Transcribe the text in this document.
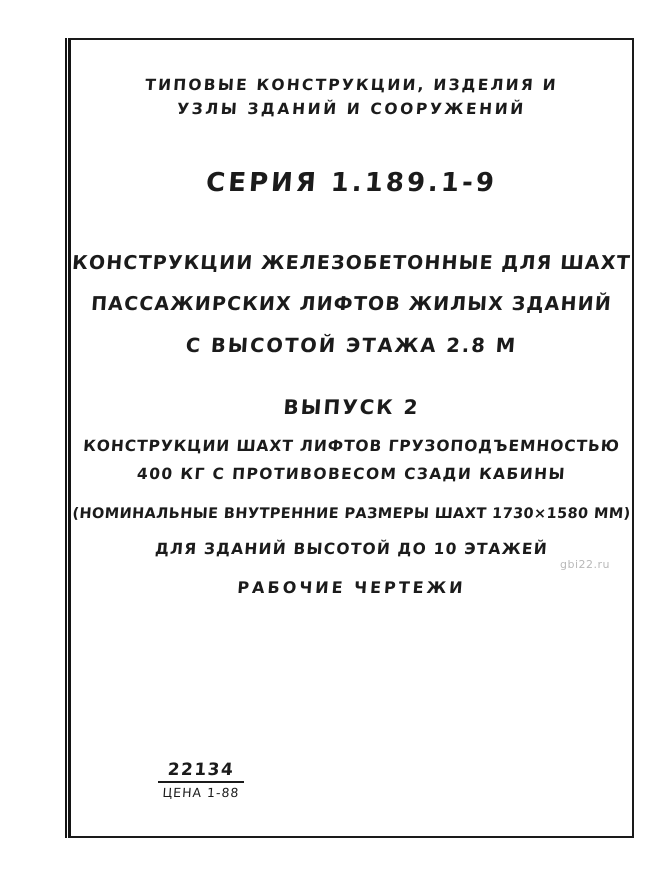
ТИПОВЫЕ КОНСТРУКЦИИ, ИЗДЕЛИЯ И
УЗЛЫ ЗДАНИЙ И СООРУЖЕНИЙ
СЕРИЯ 1.189.1-9
КОНСТРУКЦИИ ЖЕЛЕЗОБЕТОННЫЕ ДЛЯ ШАХТ
ПАССАЖИРСКИХ ЛИФТОВ ЖИЛЫХ ЗДАНИЙ
С ВЫСОТОЙ ЭТАЖА 2.8 М
ВЫПУСК 2
КОНСТРУКЦИИ ШАХТ ЛИФТОВ ГРУЗОПОДЪЕМНОСТЬЮ
400 КГ С ПРОТИВОВЕСОМ СЗАДИ КАБИНЫ
(НОМИНАЛЬНЫЕ ВНУТРЕННИЕ РАЗМЕРЫ ШАХТ 1730×1580 ММ)
ДЛЯ ЗДАНИЙ ВЫСОТОЙ ДО 10 ЭТАЖЕЙ
РАБОЧИЕ ЧЕРТЕЖИ
gbi22.ru
22134
ЦЕНА 1-88
